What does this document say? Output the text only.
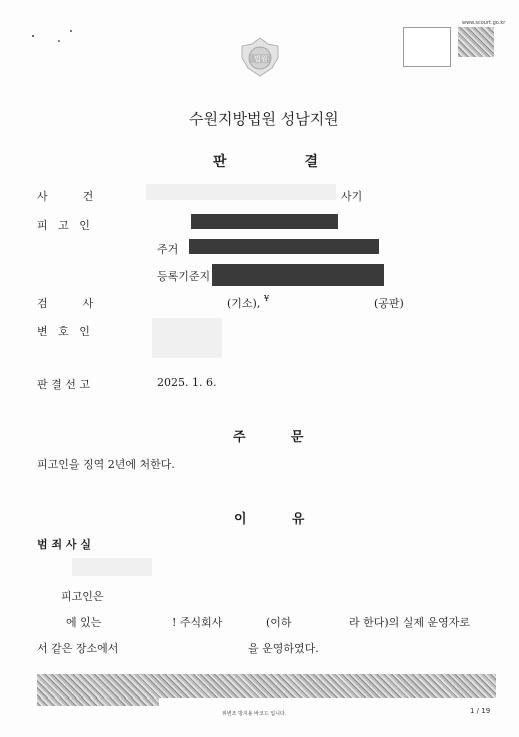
www.scourt.go.kr
법원
수원지방법원 성남지원
판                결
사          건	사기
피   고   인
주거
등록기준지
검          사	(기소), ¥	(공판)
변   호   인
판 결 선 고	2025. 1. 6.
주          문
피고인을 징역 2년에 처한다.
이          유
범 죄 사 실
피고인은
에 있는	! 주식회사	(이하	라 한다)의 실제 운영자로
서 같은 장소에서	을 운영하였다.
위변조 방지용 바코드 입니다.	1 / 19
